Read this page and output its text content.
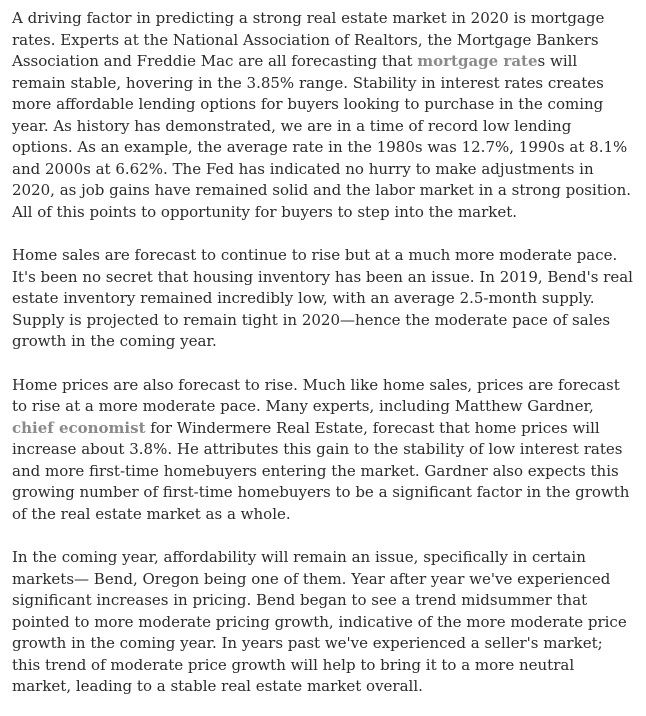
A driving factor in predicting a strong real estate market in 2020 is mortgage rates. Experts at the National Association of Realtors, the Mortgage Bankers Association and Freddie Mac are all forecasting that mortgage rates will remain stable, hovering in the 3.85% range. Stability in interest rates creates more affordable lending options for buyers looking to purchase in the coming year. As history has demonstrated, we are in a time of record low lending options. As an example, the average rate in the 1980s was 12.7%, 1990s at 8.1% and 2000s at 6.62%. The Fed has indicated no hurry to make adjustments in 2020, as job gains have remained solid and the labor market in a strong position. All of this points to opportunity for buyers to step into the market.

Home sales are forecast to continue to rise but at a much more moderate pace. It's been no secret that housing inventory has been an issue. In 2019, Bend's real estate inventory remained incredibly low, with an average 2.5-month supply. Supply is projected to remain tight in 2020—hence the moderate pace of sales growth in the coming year.

Home prices are also forecast to rise. Much like home sales, prices are forecast to rise at a more moderate pace. Many experts, including Matthew Gardner, chief economist for Windermere Real Estate, forecast that home prices will increase about 3.8%. He attributes this gain to the stability of low interest rates and more first-time homebuyers entering the market. Gardner also expects this growing number of first-time homebuyers to be a significant factor in the growth of the real estate market as a whole.

In the coming year, affordability will remain an issue, specifically in certain markets— Bend, Oregon being one of them. Year after year we've experienced significant increases in pricing. Bend began to see a trend midsummer that pointed to more moderate pricing growth, indicative of the more moderate price growth in the coming year. In years past we've experienced a seller's market; this trend of moderate price growth will help to bring it to a more neutral market, leading to a stable real estate market overall.
